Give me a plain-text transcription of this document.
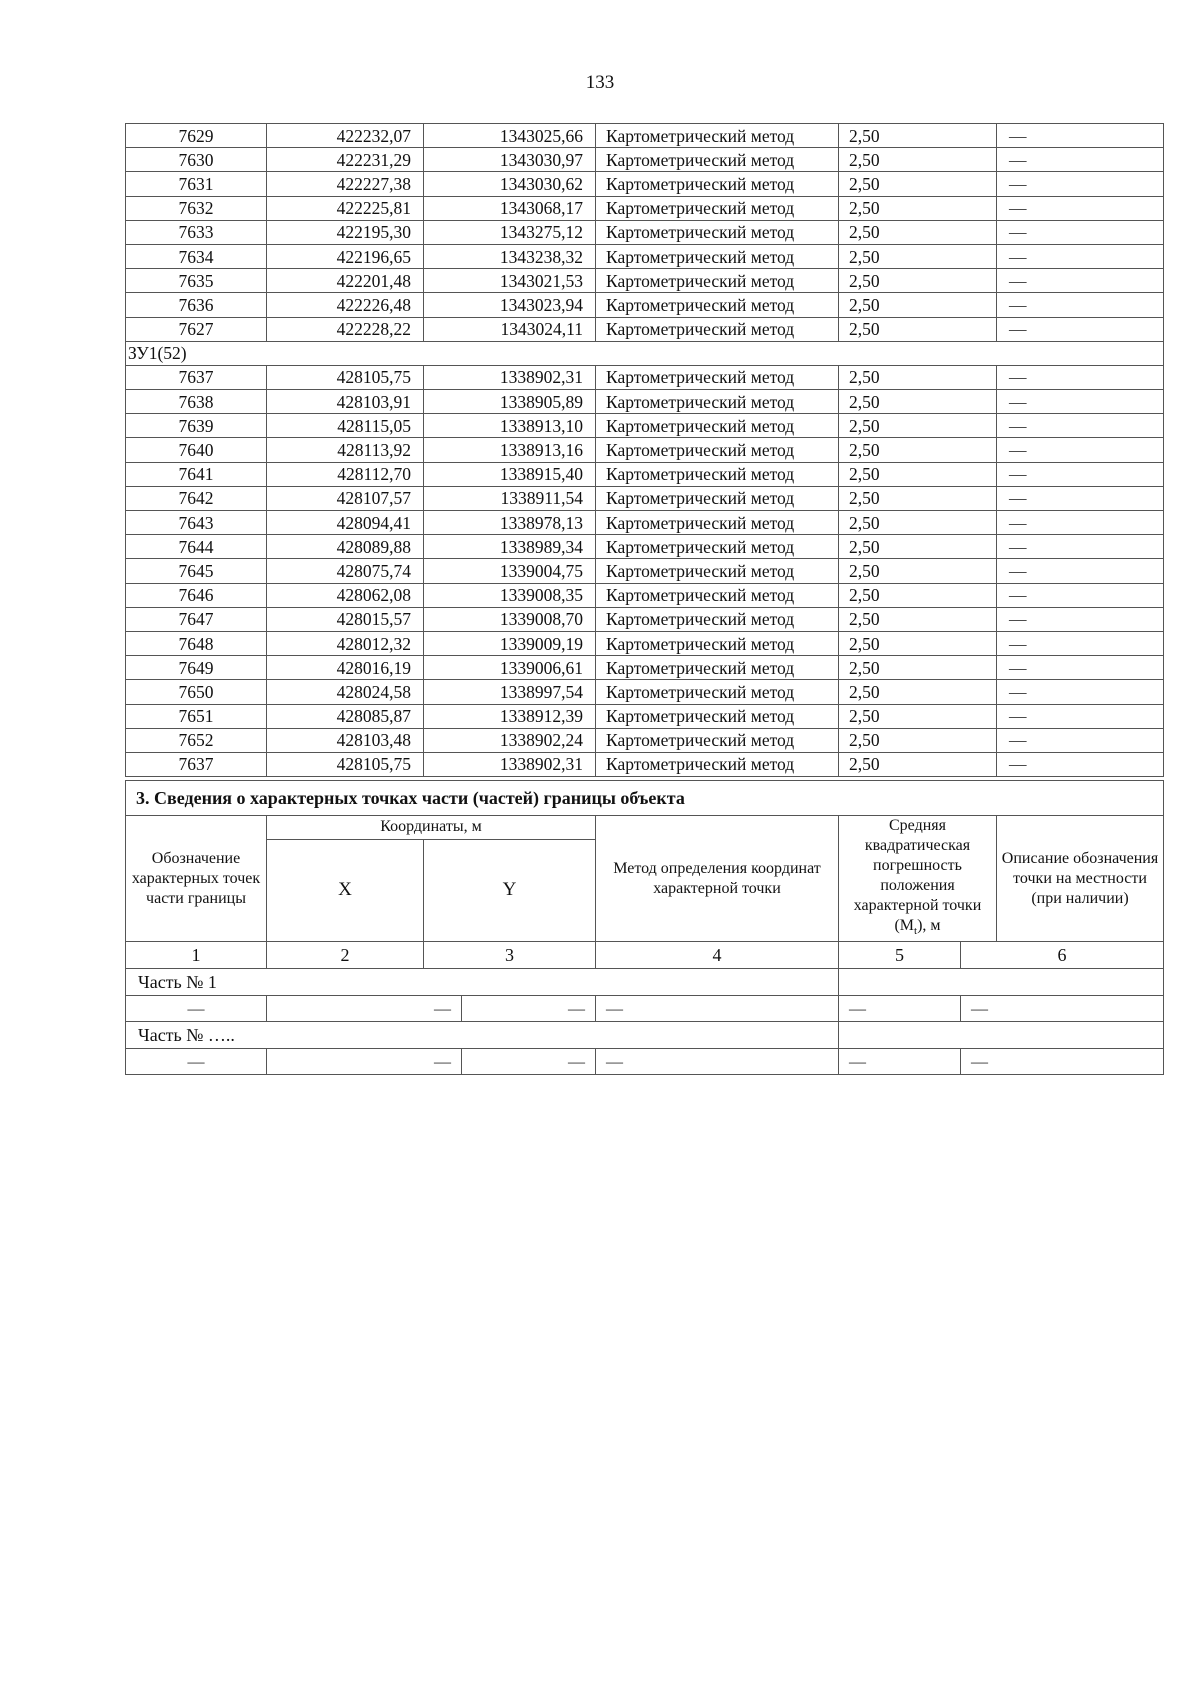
133
7629	422232,07	1343025,66	Картометрический метод	2,50	—
7630	422231,29	1343030,97	Картометрический метод	2,50	—
7631	422227,38	1343030,62	Картометрический метод	2,50	—
7632	422225,81	1343068,17	Картометрический метод	2,50	—
7633	422195,30	1343275,12	Картометрический метод	2,50	—
7634	422196,65	1343238,32	Картометрический метод	2,50	—
7635	422201,48	1343021,53	Картометрический метод	2,50	—
7636	422226,48	1343023,94	Картометрический метод	2,50	—
7627	422228,22	1343024,11	Картометрический метод	2,50	—
ЗУ1(52)					
7637	428105,75	1338902,31	Картометрический метод	2,50	—
7638	428103,91	1338905,89	Картометрический метод	2,50	—
7639	428115,05	1338913,10	Картометрический метод	2,50	—
7640	428113,92	1338913,16	Картометрический метод	2,50	—
7641	428112,70	1338915,40	Картометрический метод	2,50	—
7642	428107,57	1338911,54	Картометрический метод	2,50	—
7643	428094,41	1338978,13	Картометрический метод	2,50	—
7644	428089,88	1338989,34	Картометрический метод	2,50	—
7645	428075,74	1339004,75	Картометрический метод	2,50	—
7646	428062,08	1339008,35	Картометрический метод	2,50	—
7647	428015,57	1339008,70	Картометрический метод	2,50	—
7648	428012,32	1339009,19	Картометрический метод	2,50	—
7649	428016,19	1339006,61	Картометрический метод	2,50	—
7650	428024,58	1338997,54	Картометрический метод	2,50	—
7651	428085,87	1338912,39	Картометрический метод	2,50	—
7652	428103,48	1338902,24	Картометрический метод	2,50	—
7637	428105,75	1338902,31	Картометрический метод	2,50	—
3. Сведения о характерных точках части (частей) границы объекта							
Обозначение характерных точек части границы	Координаты, м			Метод определения координат характерной точки	Средняя квадратическая погрешность положения характерной точки $(M_t)$, м		Описание обозначения точки на местности (при наличии)
	X	Y					
1	2	3		4	5	6	
Часть № 1							
—	—		—	—	—	—	
Часть № …..							
—	—		—	—	—	—	
